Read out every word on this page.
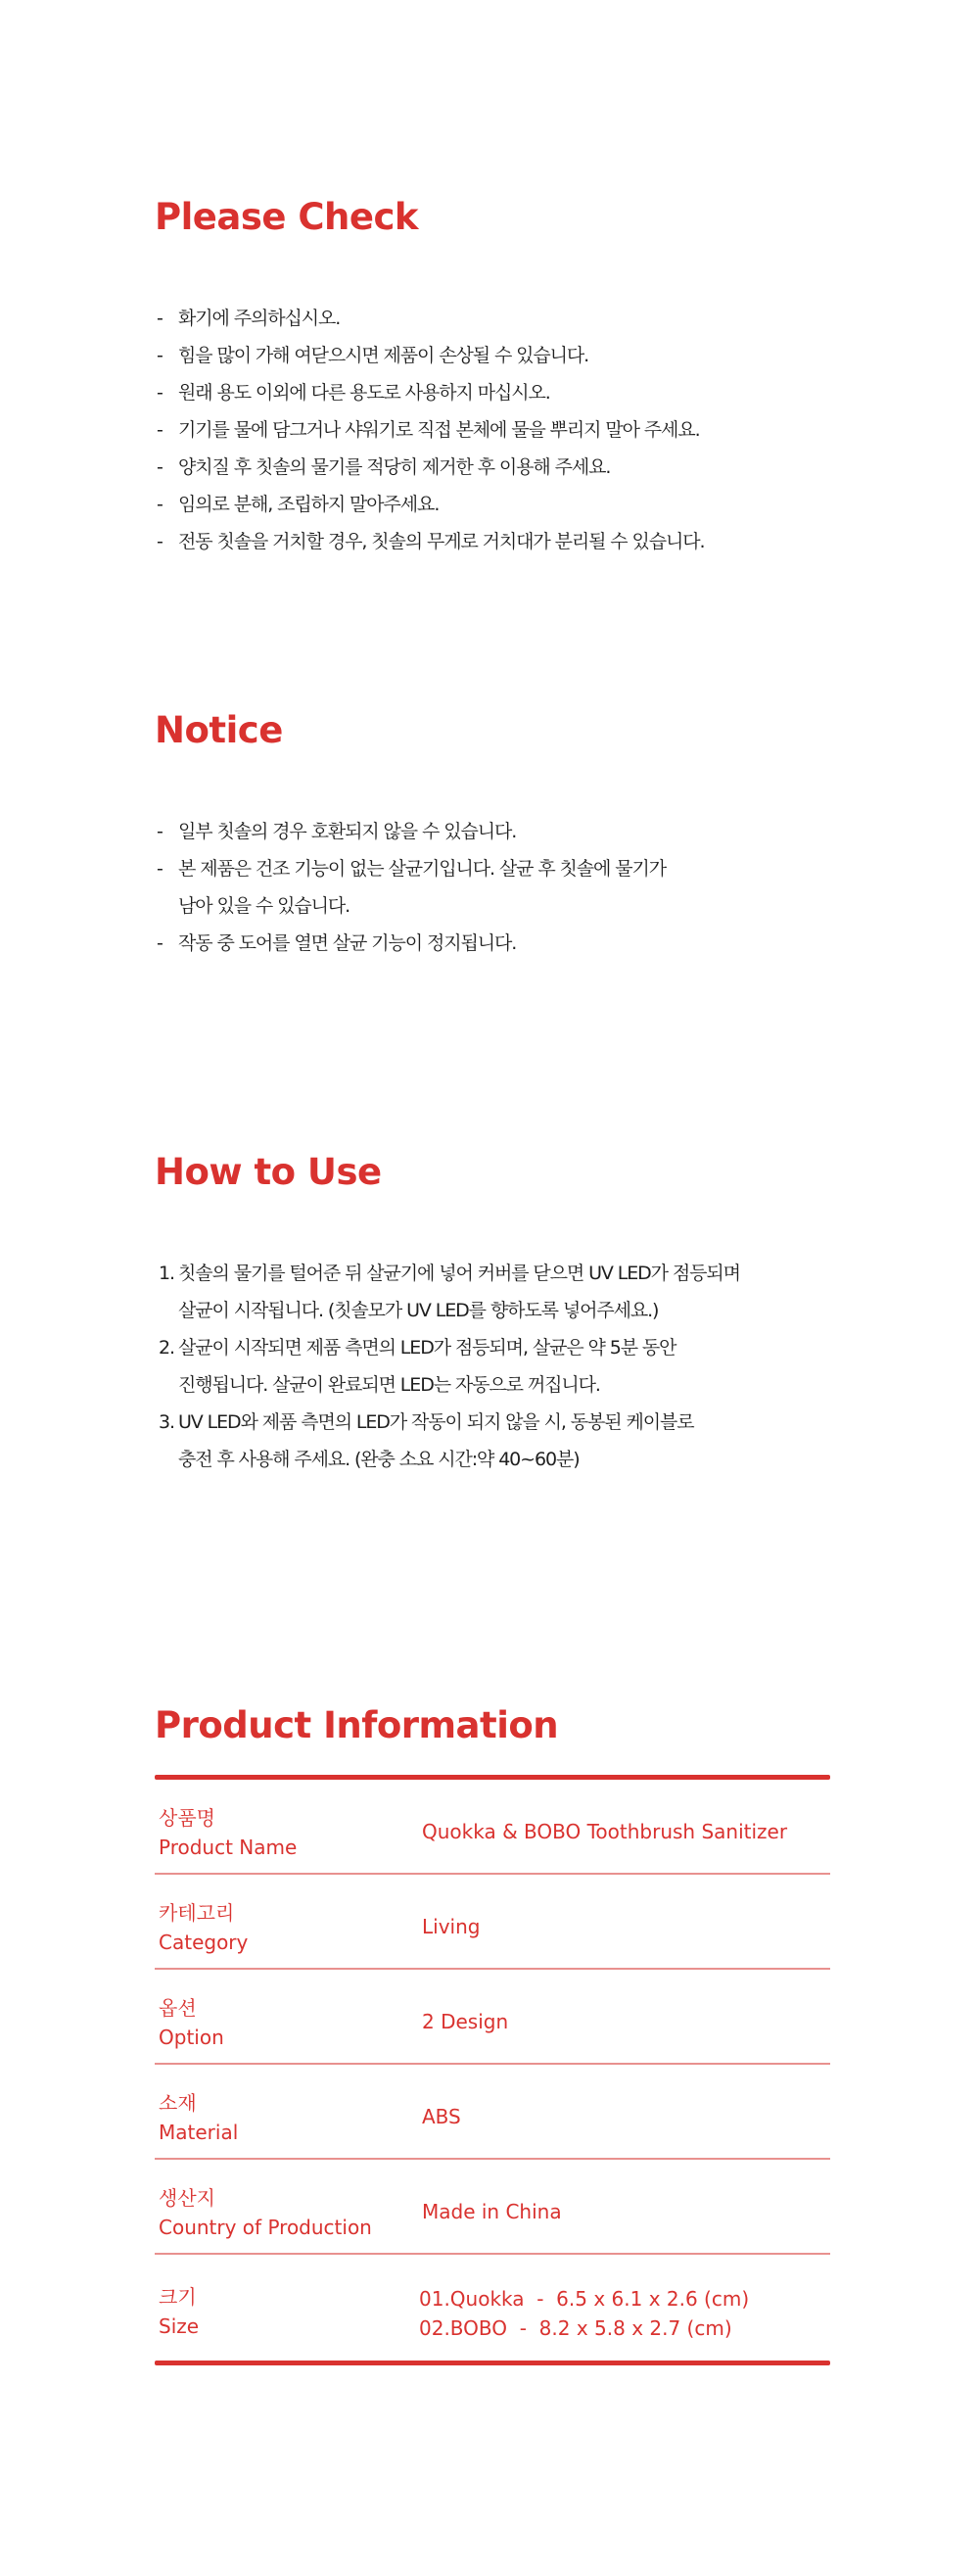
Please Check
- 화기에 주의하십시오.
- 힘을 많이 가해 여닫으시면 제품이 손상될 수 있습니다.
- 원래 용도 이외에 다른 용도로 사용하지 마십시오.
- 기기를 물에 담그거나 샤워기로 직접 본체에 물을 뿌리지 말아 주세요.
- 양치질 후 칫솔의 물기를 적당히 제거한 후 이용해 주세요.
- 임의로 분해, 조립하지 말아주세요.
- 전동 칫솔을 거치할 경우, 칫솔의 무게로 거치대가 분리될 수 있습니다.
Notice
- 일부 칫솔의 경우 호환되지 않을 수 있습니다.
- 본 제품은 건조 기능이 없는 살균기입니다. 살균 후 칫솔에 물기가
남아 있을 수 있습니다.
- 작동 중 도어를 열면 살균 기능이 정지됩니다.
How to Use
1. 칫솔의 물기를 털어준 뒤 살균기에 넣어 커버를 닫으면 UV LED가 점등되며
살균이 시작됩니다. (칫솔모가 UV LED를 향하도록 넣어주세요.)
2. 살균이 시작되면 제품 측면의 LED가 점등되며, 살균은 약 5분 동안
진행됩니다. 살균이 완료되면 LED는 자동으로 꺼집니다.
3. UV LED와 제품 측면의 LED가 작동이 되지 않을 시, 동봉된 케이블로
충전 후 사용해 주세요. (완충 소요 시간:약 40~60분)
Product Information
상품명
Product Name
Quokka & BOBO Toothbrush Sanitizer
카테고리
Category
Living
옵션
Option
2 Design
소재
Material
ABS
생산지
Country of Production
Made in China
크기
Size
01.Quokka  -  6.5 x 6.1 x 2.6 (cm)
02.BOBO  -  8.2 x 5.8 x 2.7 (cm)
